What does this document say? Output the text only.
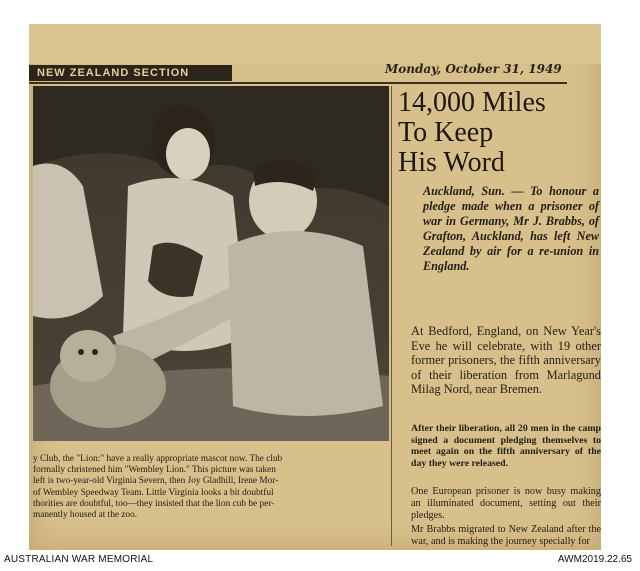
NEW ZEALAND SECTION	Monday, October 31, 1949

y Club, the "Lion:" have a really appropriate mascot now. The club

formally christened him "Wembley Lion." This picture was taken

left is two-year-old Virginia Severn, then Joy Gladhill, Irene Mor-

of Wembley Speedway Team. Little Virginia looks a bit doubtful

thorities are doubtful, too—they insisted that the lion cub be per-

manently housed at the zoo.

14,000 Miles
To Keep
His Word
Auckland, Sun. — To honour a pledge made when a prisoner of war in Germany, Mr J. Brabbs, of Grafton, Auckland, has left New Zealand by air for a re-union in England.

At Bedford, England, on New Year's Eve he will celebrate, with 19 other former prisoners, the fifth anniversary of their liberation from Marlagund Milag Nord, near Bremen.

After their liberation, all 20 men in the camp signed a document pledging themselves to meet again on the fifth anniversary of the day they were released.

One European prisoner is now busy making an illuminated document, setting out their pledges.

Mr Brabbs migrated to New Zealand after the war, and is making the journey specially for

AUSTRALIAN WAR MEMORIAL	AWM2019.22.65
